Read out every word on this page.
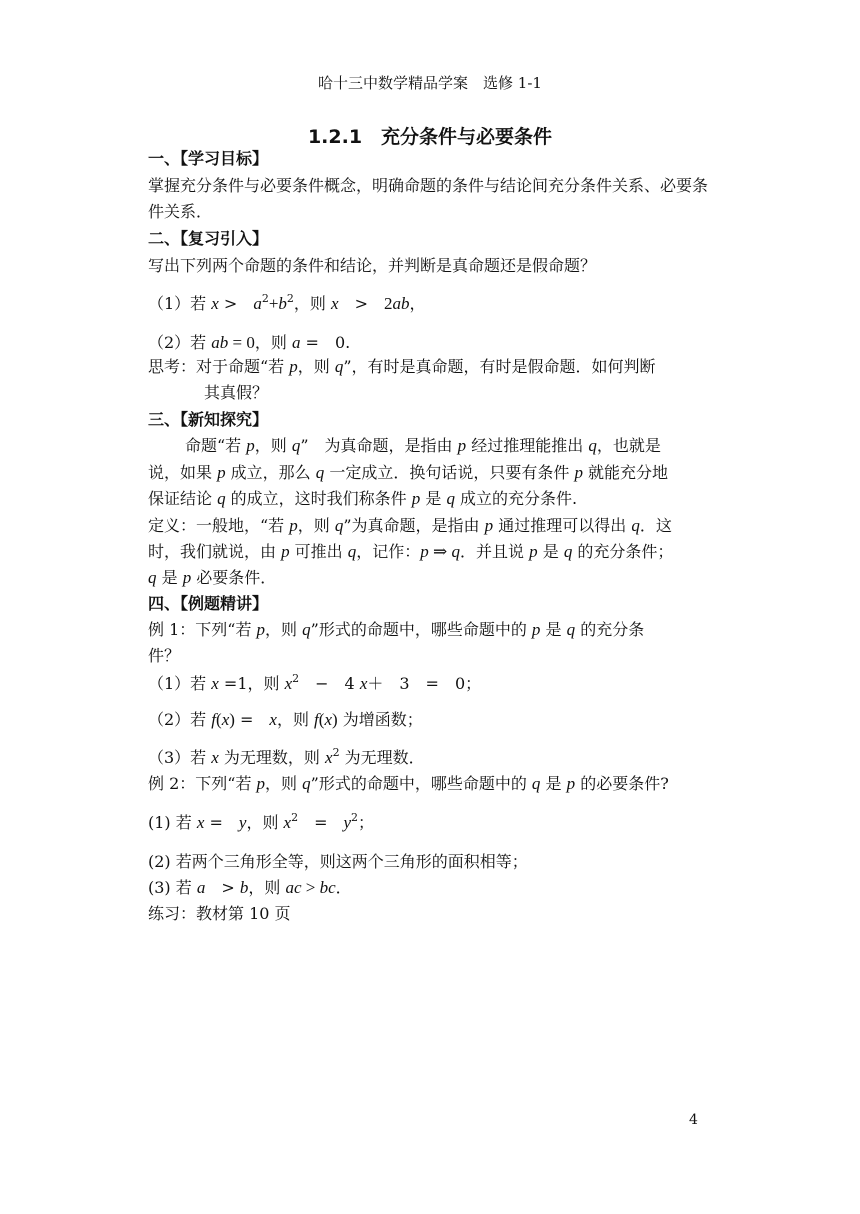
哈十三中数学精品学案　选修 1-1
1.2.1　充分条件与必要条件
一、【学习目标】
掌握充分条件与必要条件概念，明确命题的条件与结论间充分条件关系、必要条
件关系．
二、【复习引入】
写出下列两个命题的条件和结论，并判断是真命题还是假命题？
（1）若 x >　$a^2+b^2$，则 x　>　2ab，
（2）若 ab = 0，则 a =　0.
思考：对于命题“若 p，则 q”，有时是真命题，有时是假命题．如何判断
其真假？
三、【新知探究】
命题“若 p，则 q”　为真命题，是指由 p 经过推理能推出 q，也就是
说，如果 p 成立，那么 q 一定成立．换句话说，只要有条件 p 就能充分地
保证结论 q 的成立，这时我们称条件 p 是 q 成立的充分条件.
定义：一般地，“若 p，则 q”为真命题，是指由 p 通过推理可以得出 q．这
时，我们就说，由 p 可推出 q，记作：p ⇒ q．并且说 p 是 q 的充分条件；
q 是 p 必要条件．
四、【例题精讲】
例 1：下列“若 p，则 q”形式的命题中，哪些命题中的 p 是 q 的充分条
件？
（1）若 x =1，则 $x^2$　−　4 x＋　3　=　0；
（2）若 f(x) =　x，则 f(x) 为增函数；
（3）若 x 为无理数，则 $x^2$ 为无理数．
例 2：下列“若 p，则 q”形式的命题中，哪些命题中的 q 是 p 的必要条件?
(1) 若 x =　y，则 $x^2$　=　$y^2$；
(2) 若两个三角形全等，则这两个三角形的面积相等；
(3) 若 a　> b，则 ac > bc．
练习：教材第 10 页
4
